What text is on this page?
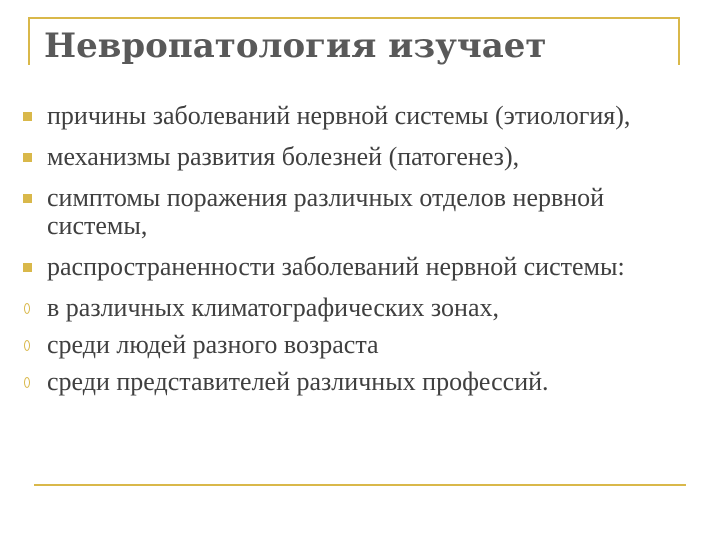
Невропатология изучает
причины заболеваний нервной системы (этиология),
механизмы развития болезней (патогенез),
симптомы поражения различных отделов нервной системы,
распространенности заболеваний нервной системы:
в различных климатографических зонах,
среди людей разного возраста
среди представителей различных профессий.
